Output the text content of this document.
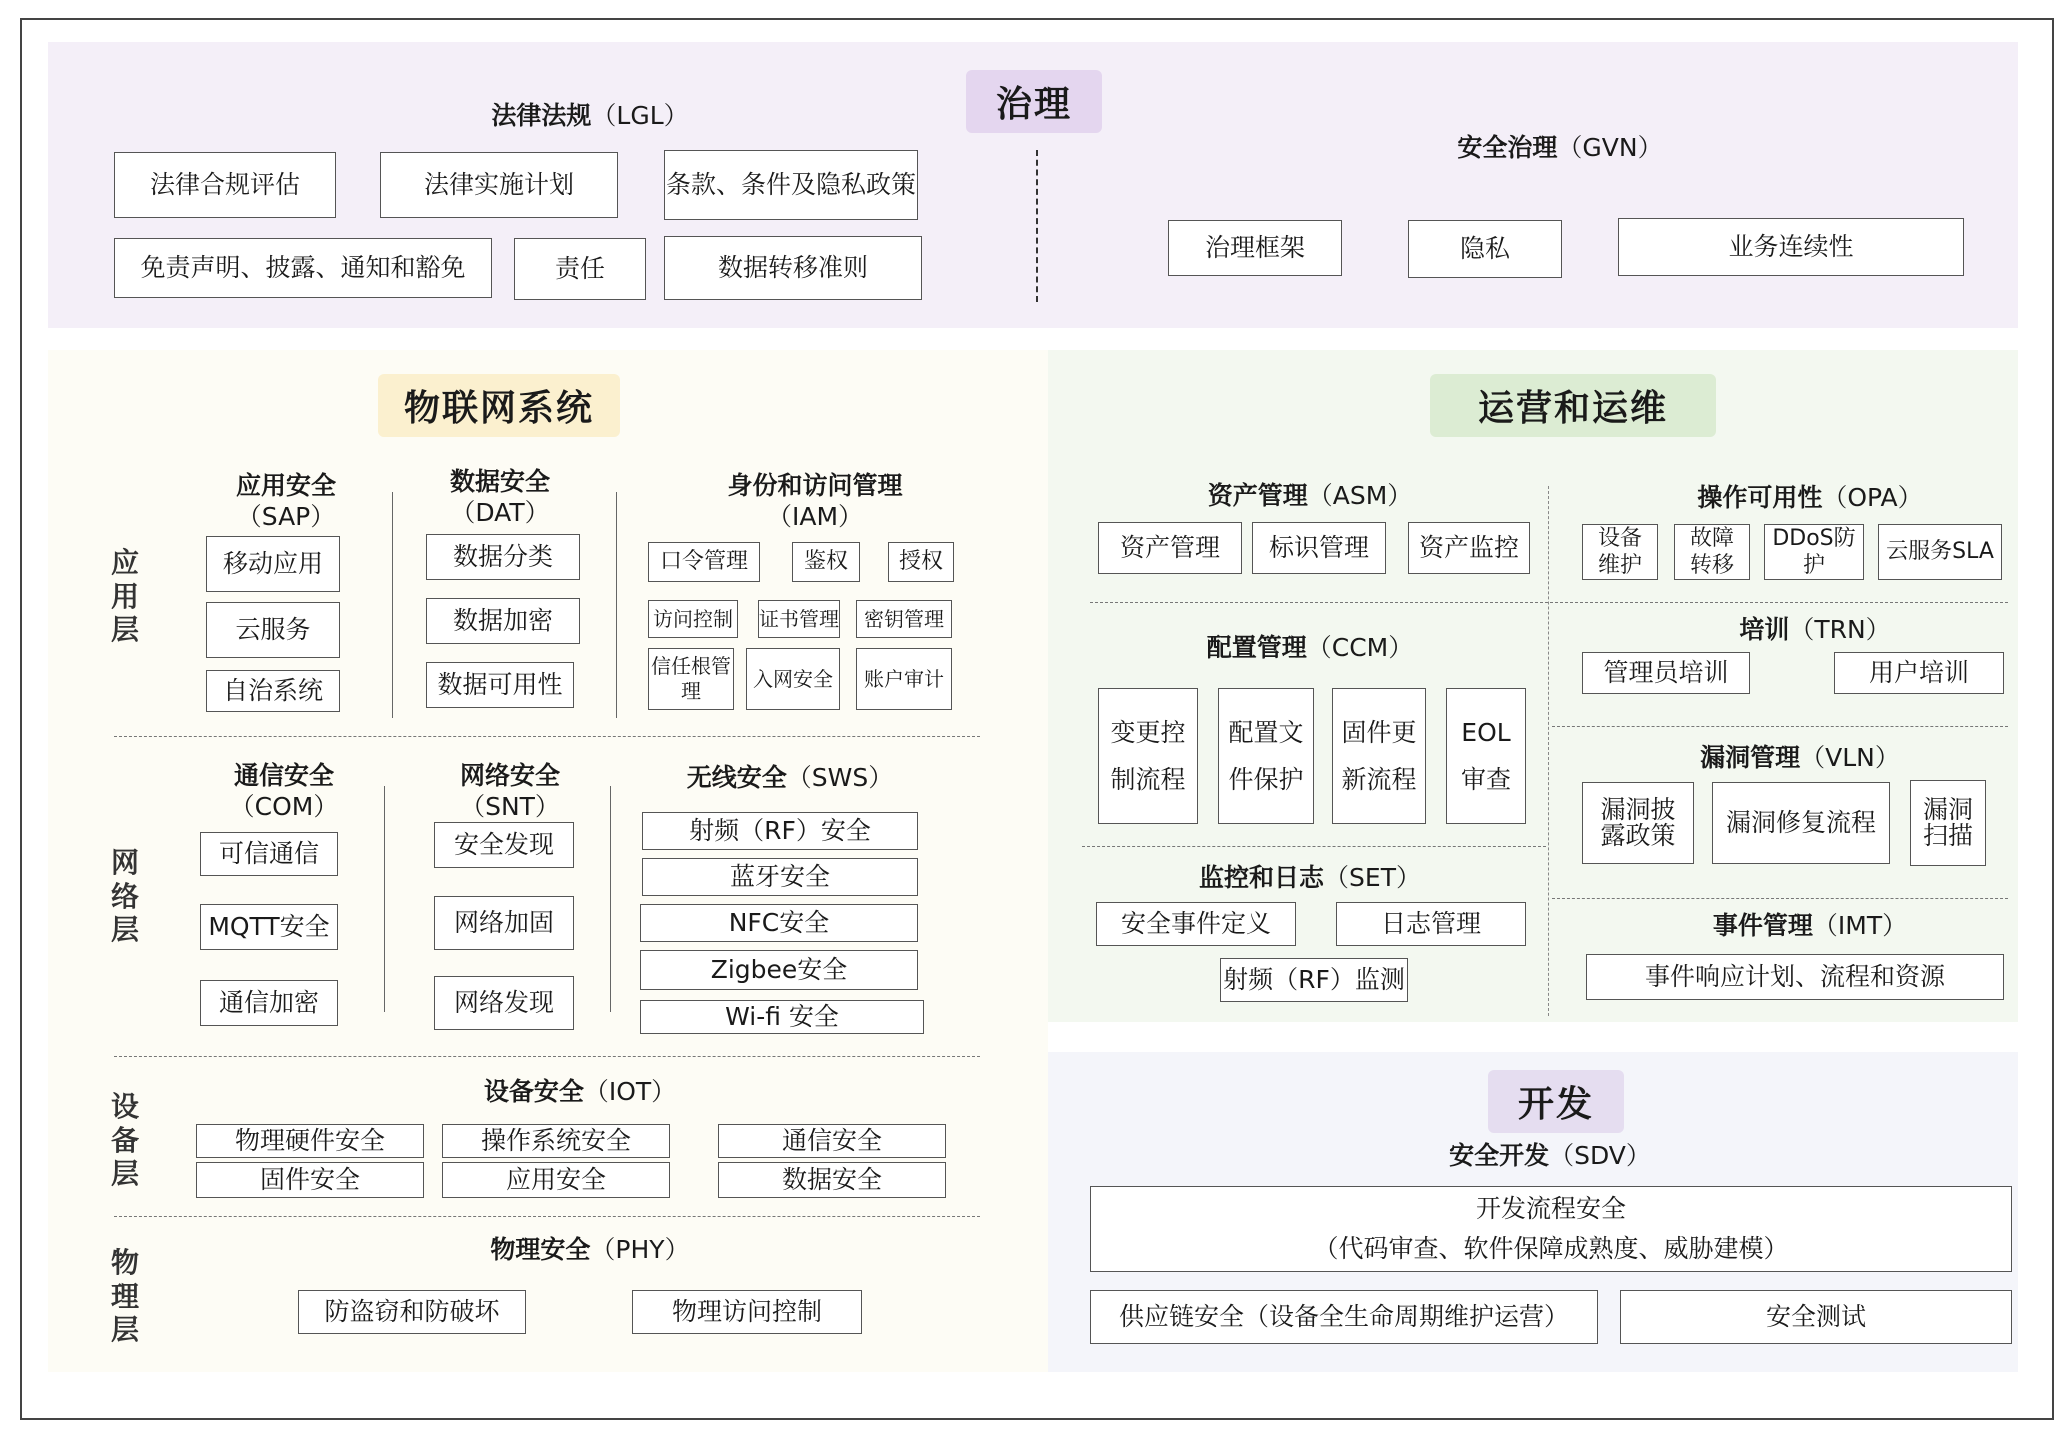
治理
法律法规（LGL）
法律合规评估	法律实施计划	条款、条件及隐私政策
免责声明、披露、通知和豁免	责任	数据转移准则
安全治理（GVN）
治理框架	隐私	业务连续性
物联网系统
应用层
网络层
设备层
物理层
应用安全
（SAP）
移动应用
云服务
自治系统
数据安全
（DAT）
数据分类
数据加密
数据可用性
身份和访问管理
（IAM）
口令管理	鉴权	授权
访问控制 证书管理	密钥管理
信任根管理
入网安全	账户审计
通信安全
（COM）
可信通信
MQTT安全
通信加密
网络安全
（SNT）
安全发现
网络加固
网络发现
无线安全（SWS）
射频（RF）安全
蓝牙安全
NFC安全
Zigbee安全
Wi-fi 安全
设备安全（IOT）
物理硬件安全	操作系统安全	通信安全
固件安全	应用安全	数据安全
物理安全（PHY）
防盗窃和防破坏	物理访问控制
运营和运维
资产管理（ASM）
资产管理	标识管理	资产监控
操作可用性（OPA）
设备维护
故障转移
DDoS防护
云服务SLA
配置管理（CCM）
变更控制流程
配置文件保护
固件更新流程
EOL审查
培训（TRN）
管理员培训	用户培训
漏洞管理（VLN）
漏洞披露政策	漏洞修复流程	漏洞扫描
监控和日志（SET）
安全事件定义	日志管理
射频（RF）监测
事件管理（IMT）
事件响应计划、流程和资源
开发
安全开发（SDV）
开发流程安全
（代码审查、软件保障成熟度、威胁建模）
供应链安全（设备全生命周期维护运营）	安全测试
